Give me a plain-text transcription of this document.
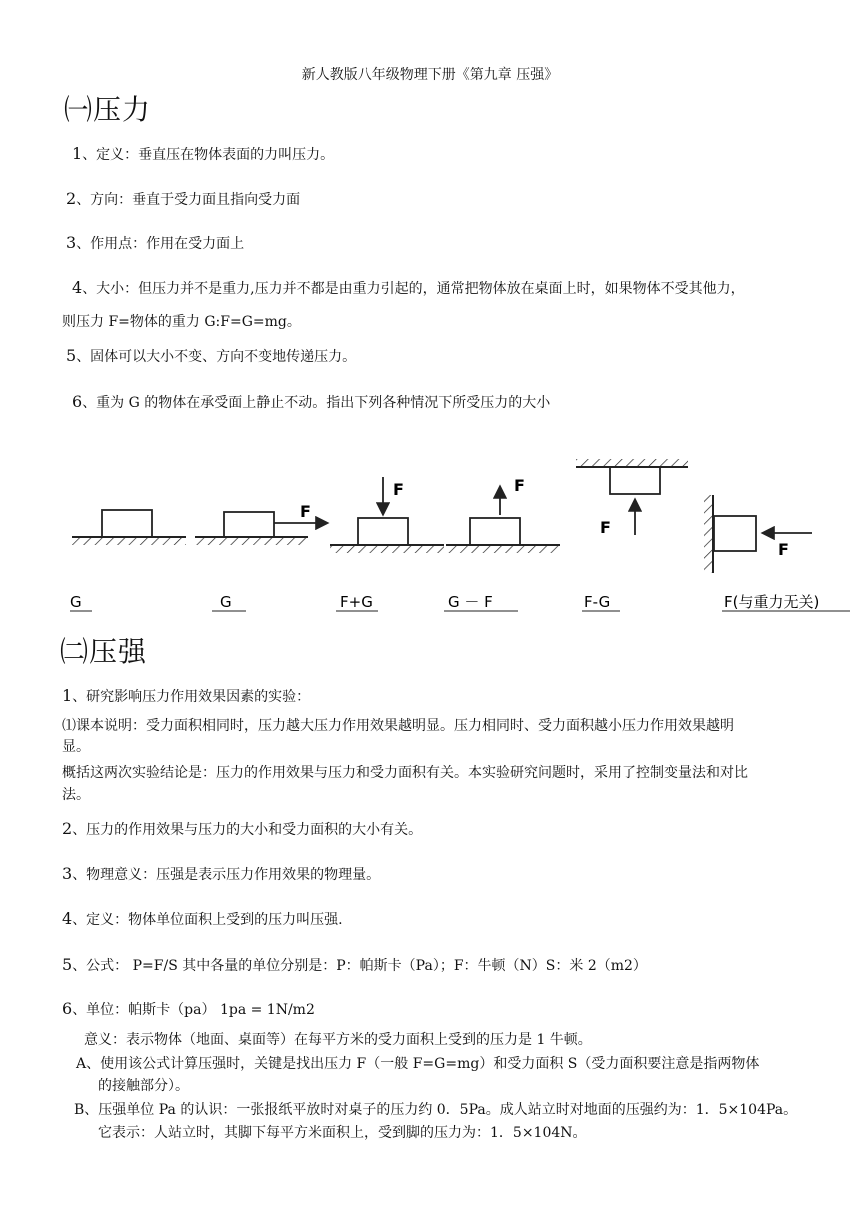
新人教版八年级物理下册《第九章 压强》
㈠压力
1、定义：垂直压在物体表面的力叫压力。
2、方向：垂直于受力面且指向受力面
3、作用点：作用在受力面上
4、大小：但压力并不是重力,压力并不都是由重力引起的，通常把物体放在桌面上时，如果物体不受其他力，
则压力 F=物体的重力 G:F=G=mg。
5、固体可以大小不变、方向不变地传递压力。
6、重为 G 的物体在承受面上静止不动。指出下列各种情况下所受压力的大小
F
F	F
F
F
G	G	F+G	G － F	F-G	F(与重力无关)
㈡压强
1、研究影响压力作用效果因素的实验：
⑴课本说明：受力面积相同时，压力越大压力作用效果越明显。压力相同时、受力面积越小压力作用效果越明
显。
概括这两次实验结论是：压力的作用效果与压力和受力面积有关。本实验研究问题时，采用了控制变量法和对比
法。
2、压力的作用效果与压力的大小和受力面积的大小有关。
3、物理意义：压强是表示压力作用效果的物理量。
4、定义：物体单位面积上受到的压力叫压强.
5、公式： P=F/S 其中各量的单位分别是：P：帕斯卡（Pa）；F：牛顿（N）S：米 2（m2）
6、单位：帕斯卡（pa） 1pa = 1N/m2
意义：表示物体（地面、桌面等）在每平方米的受力面积上受到的压力是 1 牛顿。
A、使用该公式计算压强时，关键是找出压力 F（一般 F=G=mg）和受力面积 S（受力面积要注意是指两物体
的接触部分）。
B、压强单位 Pa 的认识：一张报纸平放时对桌子的压力约 0．5Pa。成人站立时对地面的压强约为：1．5×104Pa。
它表示：人站立时，其脚下每平方米面积上，受到脚的压力为：1．5×104N。
